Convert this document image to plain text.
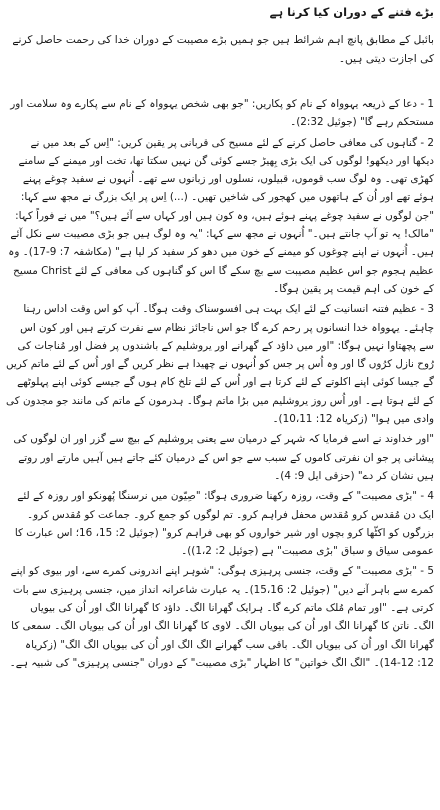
بڑے فتنے کے دوران کیا کرنا ہے
بائبل کے مطابق پانچ اہم شرائط ہیں جو ہمیں بڑے مصیبت کے دوران خدا کی رحمت حاصل کرنے کی اجازت دیتی ہیں۔

1 - دعا کے ذریعہ یہوواہ کے نام کو پکاریں: "جو بھی شخص یہوواہ کے نام سے پکارے وہ سلامت اور مستحکم رہے گا" (جوئیل 2:32)۔

2 - گناہوں کی معافی حاصل کرنے کے لئے مسیح کی قربانی پر یقین کریں: "اِس کے بعد میں نے دیکھا اور دیکھو! لوگوں کی ایک بڑی بِھیڑ جسے کوئی گن نہیں سکتا تھا، تخت اور میمنے کے سامنے کھڑی تھی۔ وہ لوگ سب قوموں، قبیلوں، نسلوں اور زبانوں سے تھے۔ اُنہوں نے سفید چوغے پہنے ہوئے تھے اور اُن کے ہاتھوں میں کھجور کی شاخیں تھیں۔ (...) اِس پر ایک بزرگ نے مجھ سے کہا: "جن لوگوں نے سفید چوغے پہنے ہوئے ہیں، وہ کون ہیں اور کہاں سے آئے ہیں؟" میں نے فوراً کہا: "مالک! یہ تو آپ جانتے ہیں۔" اُنہوں نے مجھ سے کہا: "یہ وہ لوگ ہیں جو بڑی مصیبت سے نکل آئے ہیں۔ اُنہوں نے اپنے چوغوں کو میمنے کے خون میں دھو کر سفید کر لیا ہے" (مکاشفہ 7: 9-17)۔ وہ عظیم ہجوم جو اس عظیم مصیبت سے بچ سکے گا اس کو گناہوں کی معافی کے لئے Christ مسیح کے خون کی اہم قیمت پر یقین ہوگا۔

3 - عظیم فتنہ انسانیت کے لئے ایک بہت ہی افسوسناک وقت ہوگا۔ آپ کو اس وقت اداس رہنا چاہئے۔ یہوواہ خدا انسانوں پر رحم کرے گا جو اس ناجائز نظام سے نفرت کرتے ہیں اور کون اس سے پچھتاوا نہیں ہوگا: "اور میں داؤد کے گھرانے اور یروشلیم کے باشندوں پر فضل اور مُناجات کی رُوح نازل کرُوں گا اور وہ اُس پر جس کو اُنہوں نے چھیدا ہے نظر کریں گے اور اُس کے لئے ماتم کریں گے جیسا کوئی اپنے اکلوتے کے لئے کرتا ہے اور اُس کے لئے تلخ کام ہوں گے جیسے کوئی اپنے پہلوٹھے کے لئے ہوتا ہے۔ اور اُس روز یروشلیم میں بڑا ماتم ہوگا۔ ہدرمون کے ماتم کی مانند جو مجدون کی وادی میں ہوا" (زکریاہ 12: 10،11)۔

"اور خداوند نے اسے فرمایا کہ شہر کے درمیان سے یعنی یروشلیم کے بیچ سے گزر اور ان لوگوں کی پیشانی پر جو ان نفرتی کاموں کے سبب سے جو اس کے درمیان کئے جاتے ہیں آہیں مارتے اور روتے ہیں نشان کر دے" (حزقی ایل 9: 4)۔

4 - "بڑی مصیبت" کے وقت، روزہ رکھنا ضروری ہوگا: "صِیّون میں نرسنگا پُھونکو اور روزہ کے لئے ایک دن مُقدس کرو مُقدس محفل فراہم کرو۔ تم لوگوں کو جمع کرو۔ جماعت کو مُقدس کرو۔ بزرگوں کو اکٹّھا کرو بچوں اور شیر خواروں کو بھی فراہم کرو" (جوئیل 2: 15، 16؛ اس عبارت کا عمومی سیاق و سباق "بڑی مصیبت" ہے (جوئیل 2: 1،2))۔

5 - "بڑی مصیبت" کے وقت، جنسی پرہیزی ہوگی: "شوہر اپنے اندرونی کمرے سے، اور بیوی کو اپنے کمرے سے باہر آنے دیں" (جوئیل 2: 15،16)۔ یہ عبارت شاعرانہ انداز میں، جنسی پرہیزی سے بات کرتی ہے۔ "اور تمام مُلک ماتم کرے گا۔ ہرایک گھرانا الگ۔ داؤد کا گھرانا الگ اور اُن کی بیویاں الگ۔ ناتن کا گھرانا الگ اور اُن کی بیویاں الگ۔ لاوی کا گھرانا الگ اور اُن کی بیویاں الگ۔ سمعی کا گھرانا الگ اور اُن کی بیویاں الگ۔ باقی سب گھرانے الگ الگ اور اُن کی بیویاں الگ الگ" (زکریاہ 12: 12-14)۔ "الگ الگ خواتین" کا اظہار "بڑی مصیبت" کے دوران "جنسی پرہیزی" کی شبیہ ہے۔
